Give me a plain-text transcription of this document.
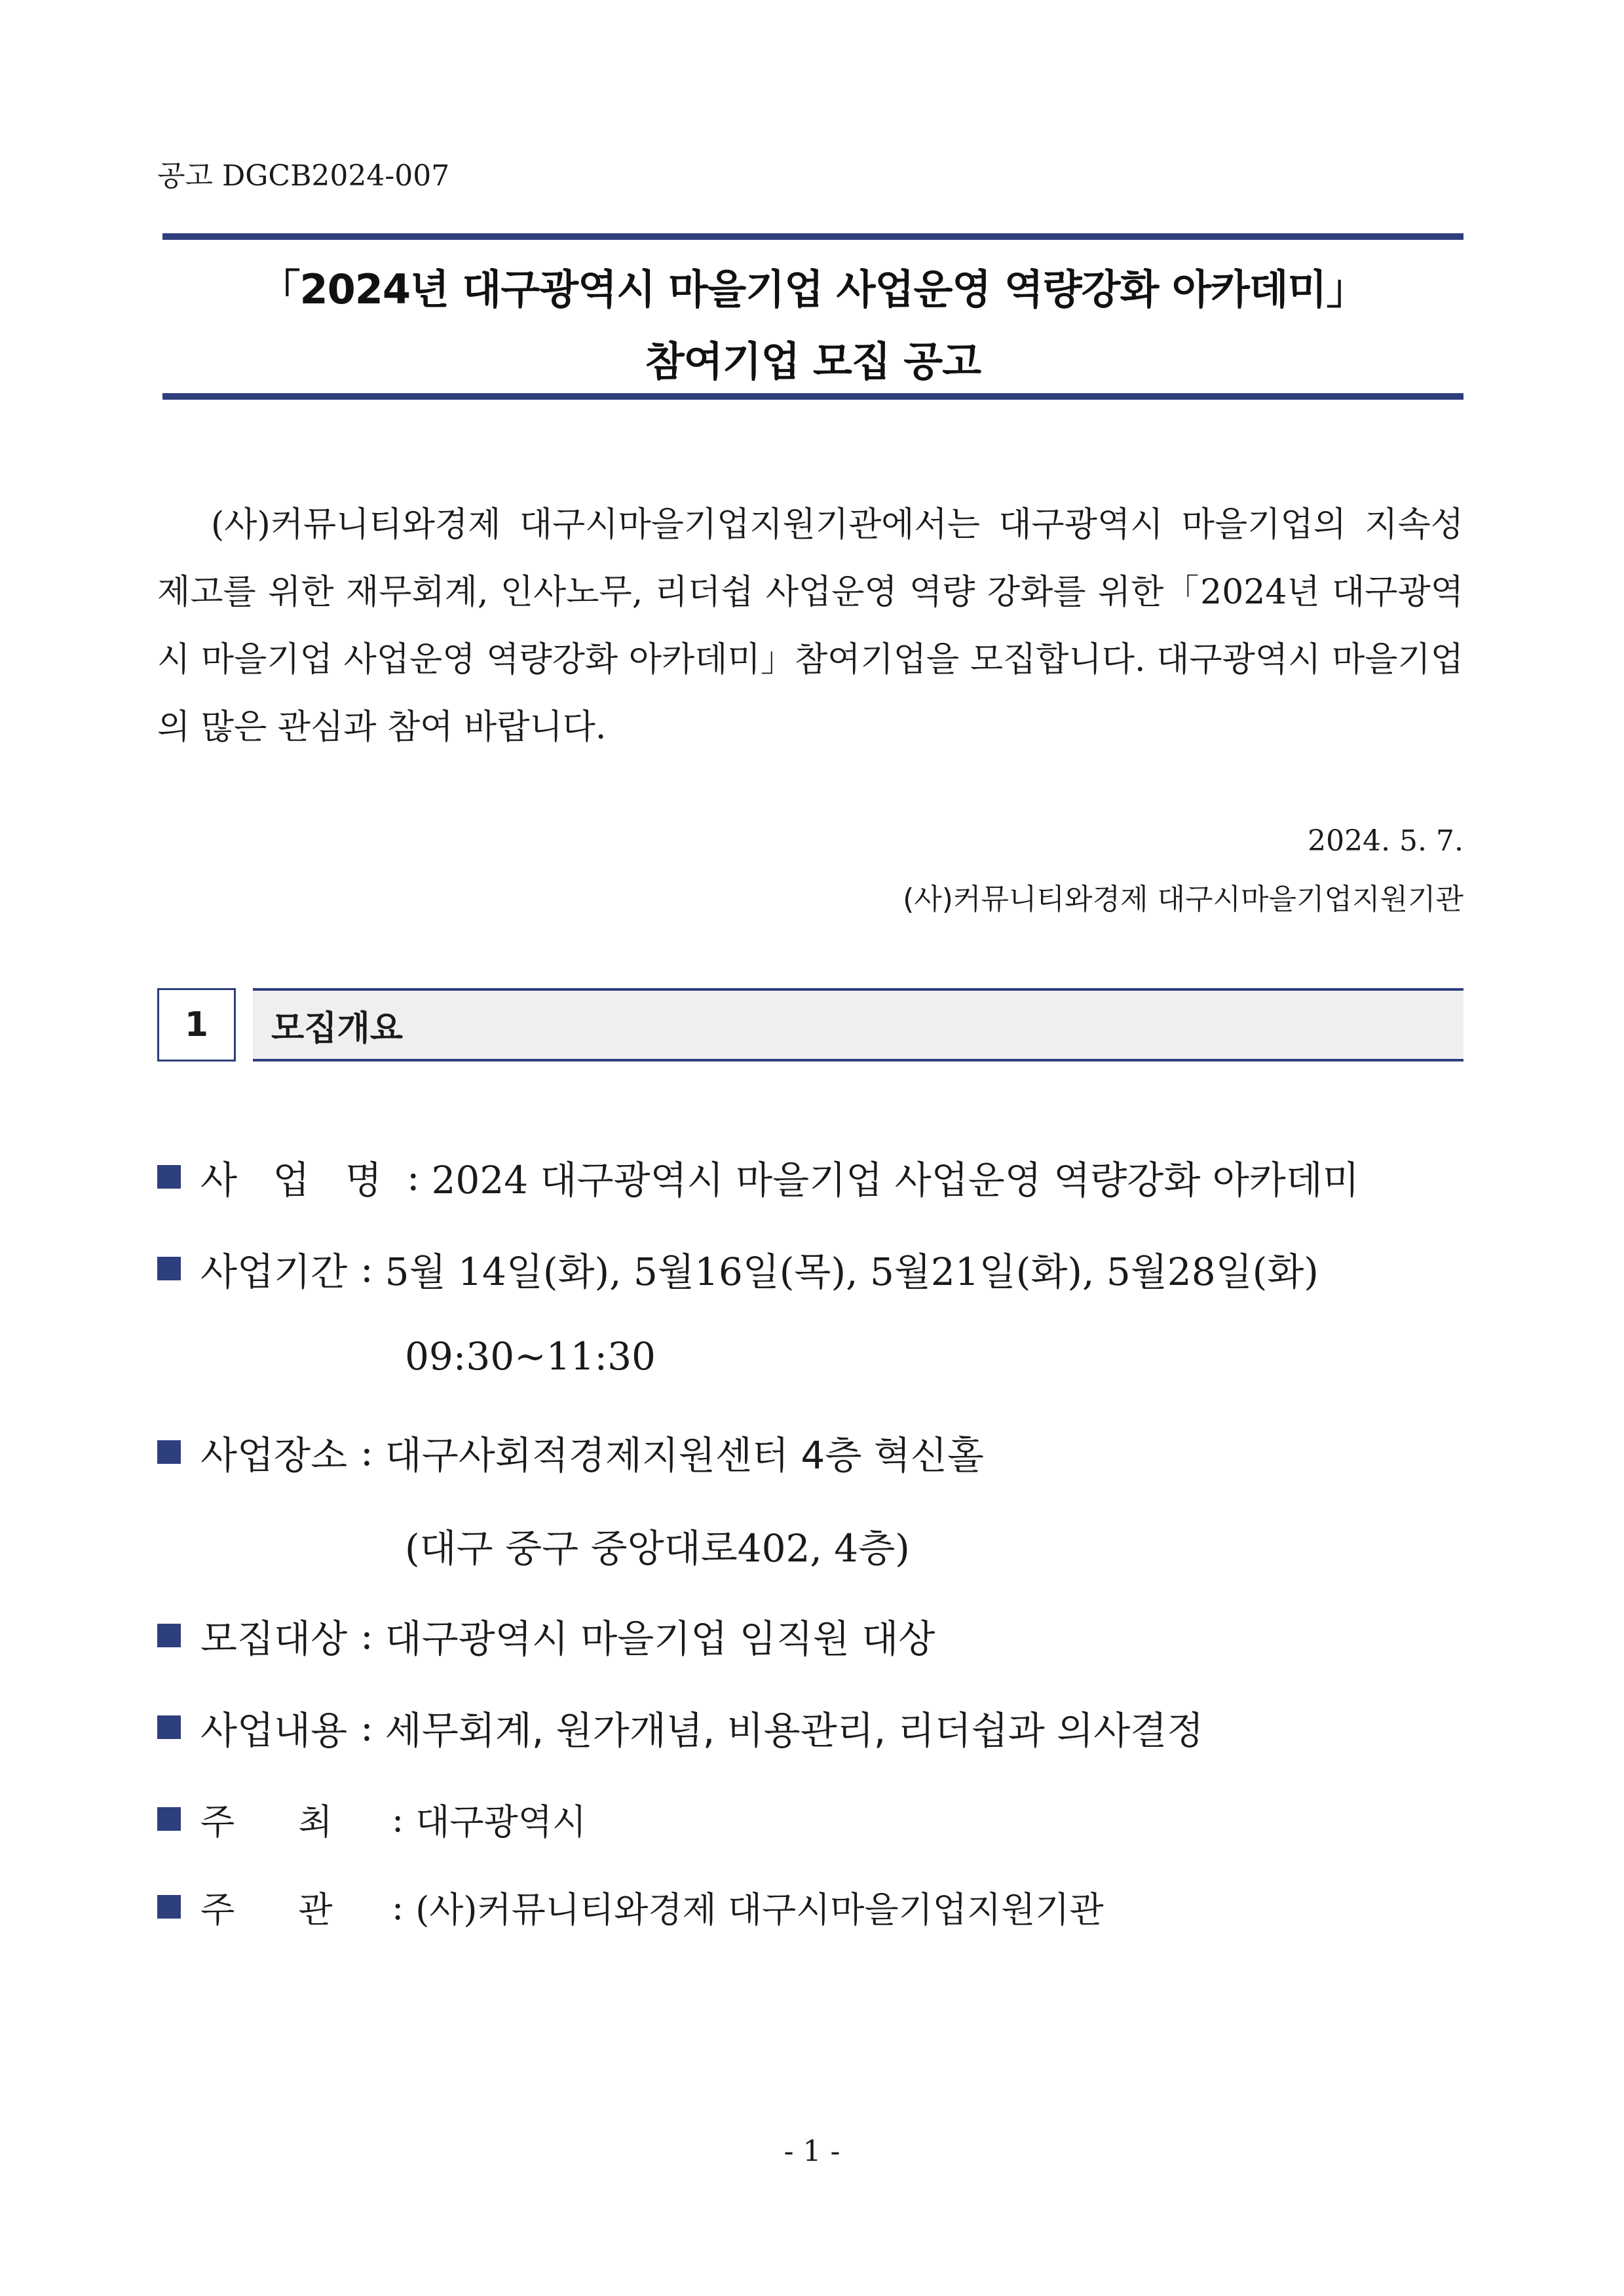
공고 DGCB2024-007
「2024년 대구광역시 마을기업 사업운영 역량강화 아카데미」
참여기업 모집 공고

(사)커뮤니티와경제 대구시마을기업지원기관에서는 대구광역시 마을기업의 지속성 제고를 위한 재무회계, 인사노무, 리더쉽 사업운영 역량 강화를 위한「2024년 대구광역시 마을기업 사업운영 역량강화 아카데미」참여기업을 모집합니다. 대구광역시 마을기업의 많은 관심과 참여 바랍니다.

2024. 5. 7.
(사)커뮤니티와경제 대구시마을기업지원기관
1	모집개요
사 업 명 : 2024 대구광역시 마을기업 사업운영 역량강화 아카데미
사업기간 : 5월 14일(화), 5월16일(목), 5월21일(화), 5월28일(화)
09:30~11:30
사업장소 : 대구사회적경제지원센터 4층 혁신홀
(대구 중구 중앙대로402, 4층)
모집대상 : 대구광역시 마을기업 임직원 대상
사업내용 : 세무회계, 원가개념, 비용관리, 리더쉽과 의사결정
주 최	: 대구광역시
주 관	: (사)커뮤니티와경제 대구시마을기업지원기관
- 1 -
